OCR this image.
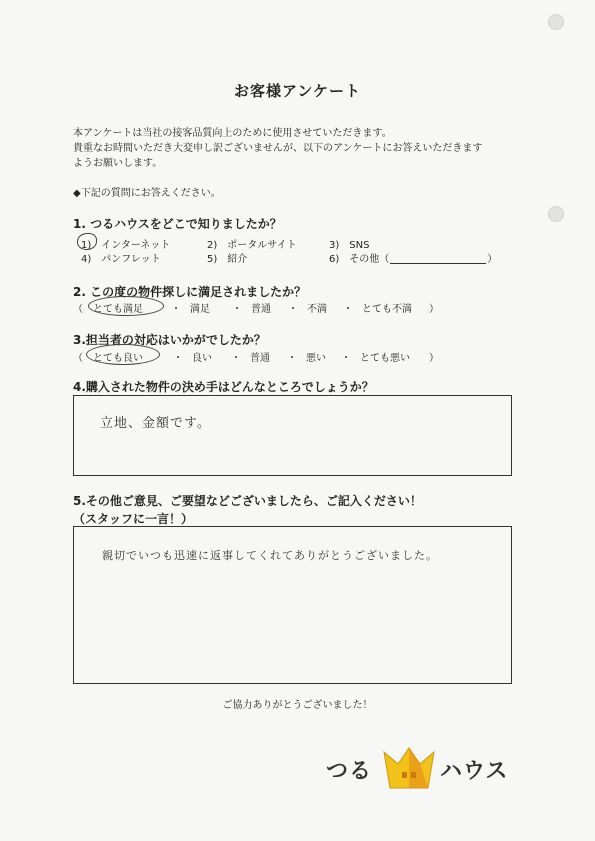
お客様アンケート
本アンケートは当社の接客品質向上のために使用させていただきます。
貴重なお時間いただき大変申し訳ございませんが、以下のアンケートにお答えいただきます
ようお願いします。
◆下記の質問にお答えください。
1. つるハウスをどこで知りましたか？
1)　インターネット	2)　ポータルサイト	3)　SNS
4)　パンフレット	5)　紹介	6)　その他（	）
2. この度の物件探しに満足されましたか？
（ とても満足	・ 満足 ・ 普通 ・ 不満 ・ とても不満 ）
3.担当者の対応はいかがでしたか？
（ とても良い	・ 良い ・ 普通 ・ 悪い ・ とても悪い ）
4.購入された物件の決め手はどんなところでしょうか？
立地、金額です。
5.その他ご意見、ご要望などございましたら、ご記入ください！
（スタッフに一言！）
親切でいつも迅速に返事してくれてありがとうございました。
ご協力ありがとうございました！
つる	ハウス
